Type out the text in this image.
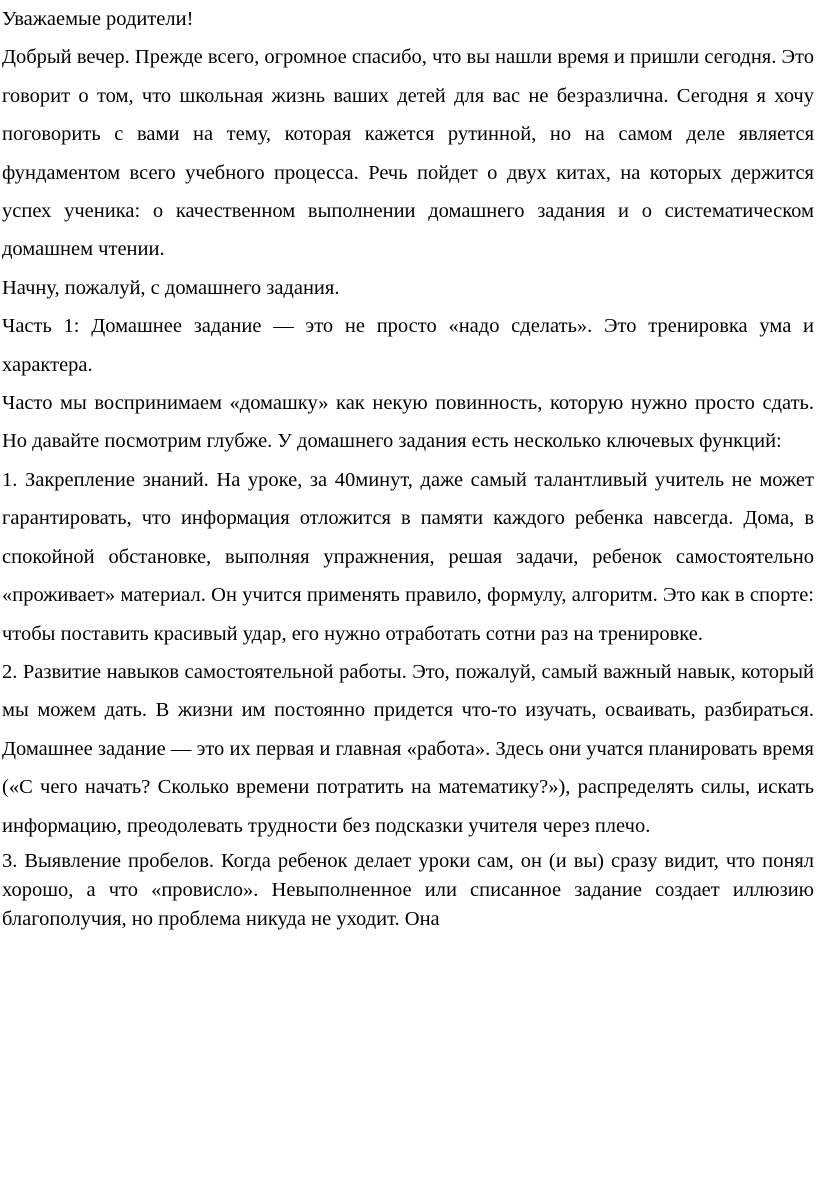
Уважаемые родители!

Добрый вечер. Прежде всего, огромное спасибо, что вы нашли время и пришли сегодня. Это говорит о том, что школьная жизнь ваших детей для вас не безразлична. Сегодня я хочу поговорить с вами на тему, которая кажется рутинной, но на самом деле является фундаментом всего учебного процесса. Речь пойдет о двух китах, на которых держится успех ученика: о качественном выполнении домашнего задания и о систематическом домашнем чтении.

Начну, пожалуй, с домашнего задания.

Часть 1: Домашнее задание — это не просто «надо сделать». Это тренировка ума и характера.

Часто мы воспринимаем «домашку» как некую повинность, которую нужно просто сдать. Но давайте посмотрим глубже. У домашнего задания есть несколько ключевых функций:

1. Закрепление знаний. На уроке, за 40минут, даже самый талантливый учитель не может гарантировать, что информация отложится в памяти каждого ребенка навсегда. Дома, в спокойной обстановке, выполняя упражнения, решая задачи, ребенок самостоятельно «проживает» материал. Он учится применять правило, формулу, алгоритм. Это как в спорте: чтобы поставить красивый удар, его нужно отработать сотни раз на тренировке.

2. Развитие навыков самостоятельной работы. Это, пожалуй, самый важный навык, который мы можем дать. В жизни им постоянно придется что-то изучать, осваивать, разбираться. Домашнее задание — это их первая и главная «работа». Здесь они учатся планировать время («С чего начать? Сколько времени потратить на математику?»), распределять силы, искать информацию, преодолевать трудности без подсказки учителя через плечо.

3. Выявление пробелов. Когда ребенок делает уроки сам, он (и вы) сразу видит, что понял хорошо, а что «провисло». Невыполненное или списанное задание создает иллюзию благополучия, но проблема никуда не уходит. Она
